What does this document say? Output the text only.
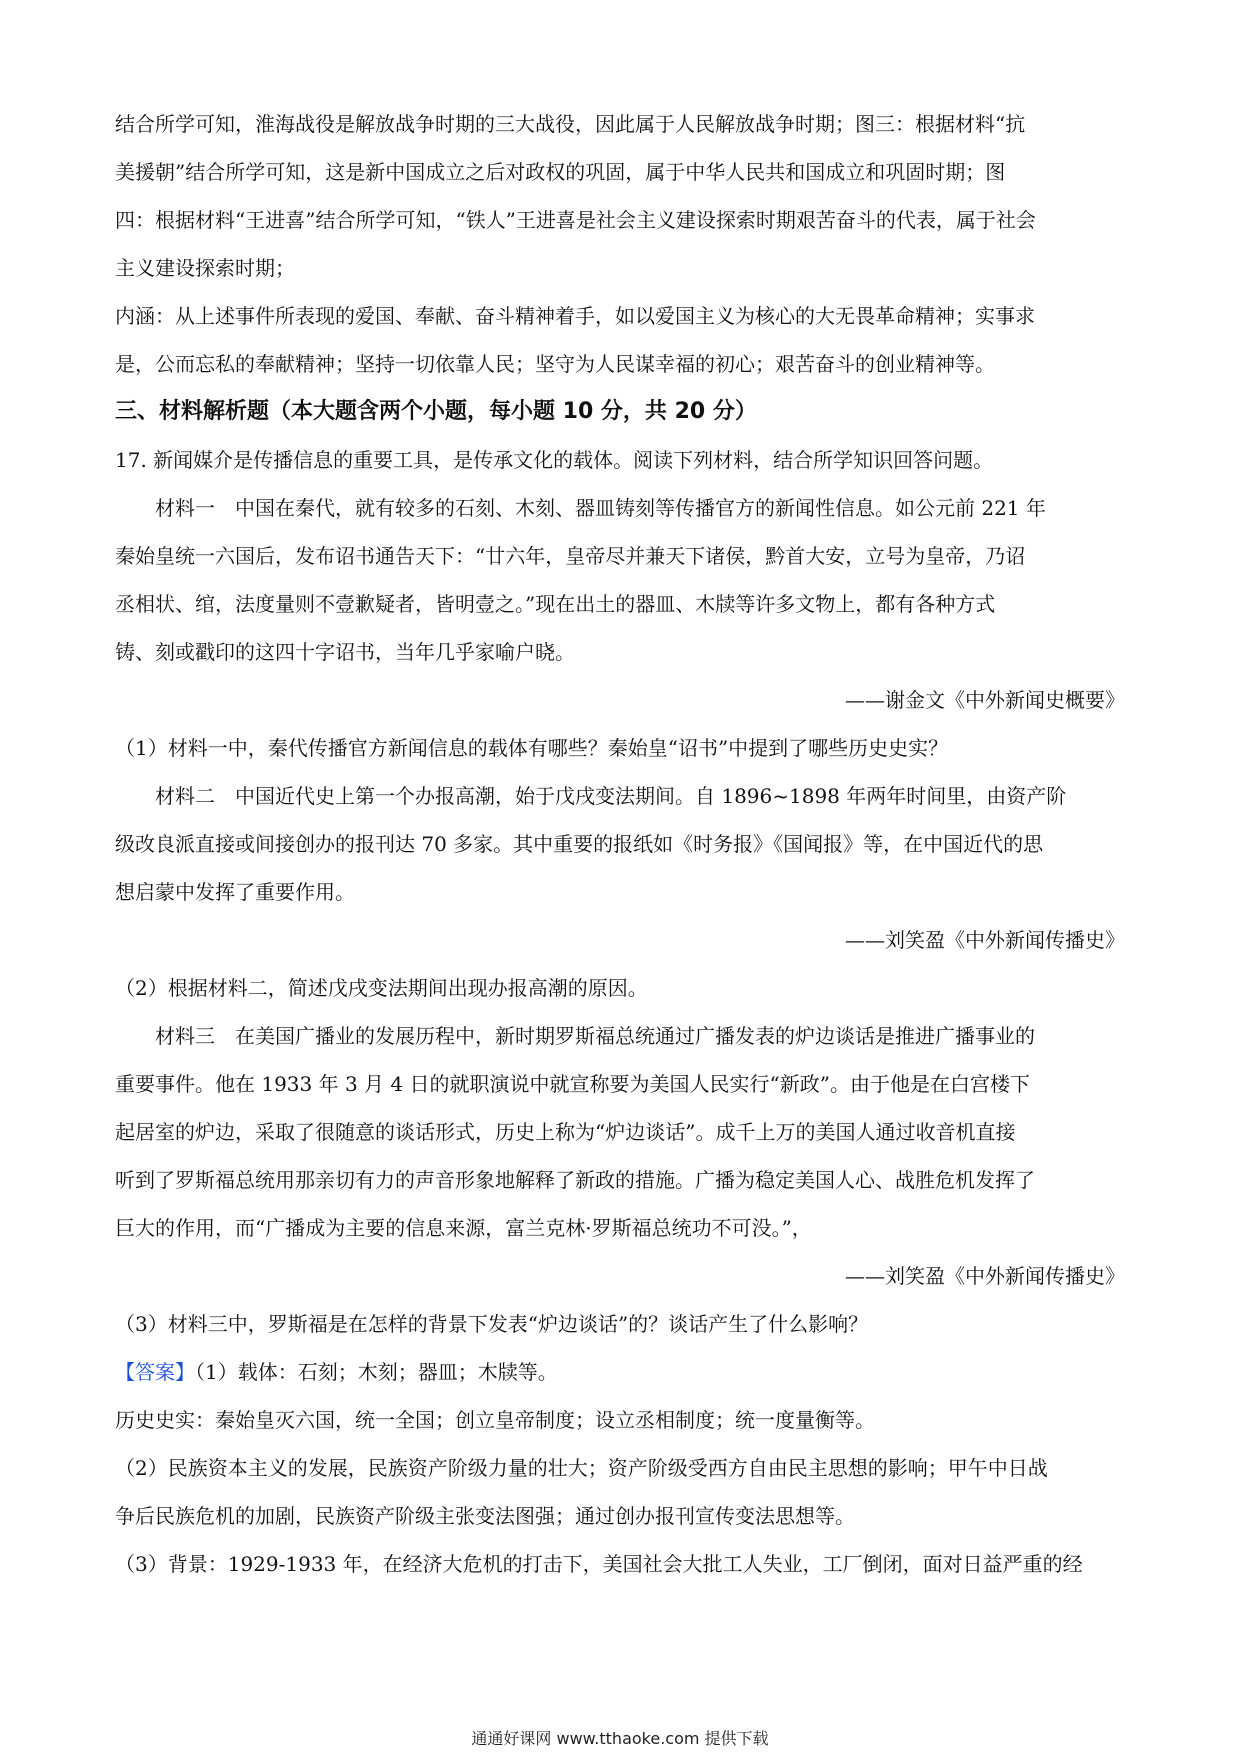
结合所学可知，淮海战役是解放战争时期的三大战役，因此属于人民解放战争时期；图三：根据材料“抗
美援朝”结合所学可知，这是新中国成立之后对政权的巩固，属于中华人民共和国成立和巩固时期；图
四：根据材料“王进喜”结合所学可知，“铁人”王进喜是社会主义建设探索时期艰苦奋斗的代表，属于社会
主义建设探索时期；
内涵：从上述事件所表现的爱国、奉献、奋斗精神着手，如以爱国主义为核心的大无畏革命精神；实事求
是，公而忘私的奉献精神；坚持一切依靠人民；坚守为人民谋幸福的初心；艰苦奋斗的创业精神等。
三、材料解析题（本大题含两个小题，每小题 10 分，共 20 分）
17. 新闻媒介是传播信息的重要工具，是传承文化的载体。阅读下列材料，结合所学知识回答问题。
材料一　中国在秦代，就有较多的石刻、木刻、器皿铸刻等传播官方的新闻性信息。如公元前 221 年
秦始皇统一六国后，发布诏书通告天下：“廿六年，皇帝尽并兼天下诸侯，黔首大安，立号为皇帝，乃诏
丞相状、绾，法度量则不壹歉疑者，皆明壹之。”现在出土的器皿、木牍等许多文物上，都有各种方式
铸、刻或戳印的这四十字诏书，当年几乎家喻户晓。
——谢金文《中外新闻史概要》
（1）材料一中，秦代传播官方新闻信息的载体有哪些？秦始皇“诏书”中提到了哪些历史史实？
材料二　中国近代史上第一个办报高潮，始于戊戌变法期间。自 1896~1898 年两年时间里，由资产阶
级改良派直接或间接创办的报刊达 70 多家。其中重要的报纸如《时务报》《国闻报》等，在中国近代的思
想启蒙中发挥了重要作用。
——刘笑盈《中外新闻传播史》
（2）根据材料二，简述戊戌变法期间出现办报高潮的原因。
材料三　在美国广播业的发展历程中，新时期罗斯福总统通过广播发表的炉边谈话是推进广播事业的
重要事件。他在 1933 年 3 月 4 日的就职演说中就宣称要为美国人民实行“新政”。由于他是在白宫楼下
起居室的炉边，采取了很随意的谈话形式，历史上称为“炉边谈话”。成千上万的美国人通过收音机直接
听到了罗斯福总统用那亲切有力的声音形象地解释了新政的措施。广播为稳定美国人心、战胜危机发挥了
巨大的作用，而“广播成为主要的信息来源，富兰克林·罗斯福总统功不可没。”，
——刘笑盈《中外新闻传播史》
（3）材料三中，罗斯福是在怎样的背景下发表“炉边谈话”的？谈话产生了什么影响？
【答案】（1）载体：石刻；木刻；器皿；木牍等。
历史史实：秦始皇灭六国，统一全国；创立皇帝制度；设立丞相制度；统一度量衡等。
（2）民族资本主义的发展，民族资产阶级力量的壮大；资产阶级受西方自由民主思想的影响；甲午中日战
争后民族危机的加剧，民族资产阶级主张变法图强；通过创办报刊宣传变法思想等。
（3）背景：1929-1933 年，在经济大危机的打击下，美国社会大批工人失业，工厂倒闭，面对日益严重的经
通通好课网 www.tthaoke.com 提供下载
